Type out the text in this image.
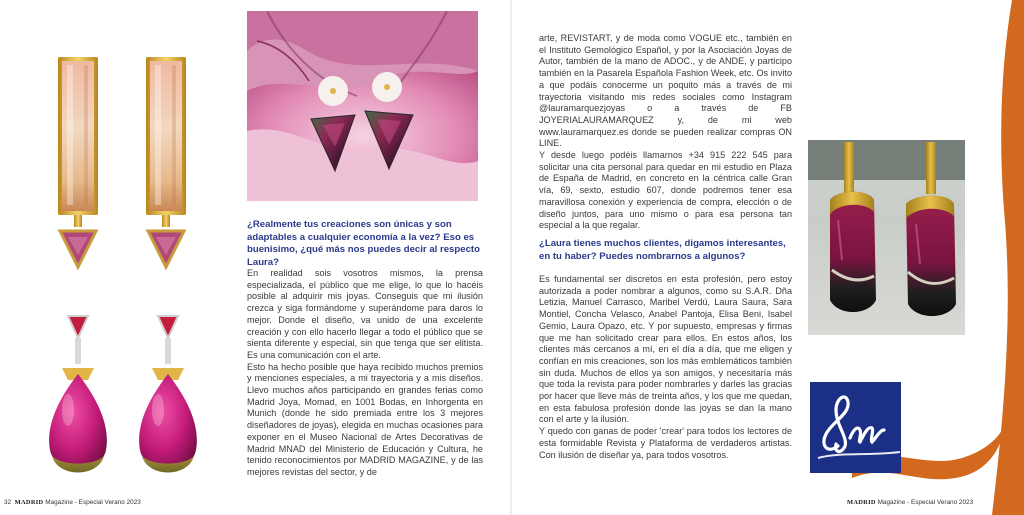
¿Realmente tus creaciones son únicas y son adaptables a cualquier economía a la vez? Eso es buenisimo, ¿qué más nos puedes decir al respecto Laura?

En realidad sois vosotros mismos, la prensa especializada, el público que me elige, lo que lo hacéis posible al adquirir mis joyas. Conseguis que mi ilusión crezca y siga formándome y superándome para daros lo mejor. Donde el diseño, va unido de una excelente creación y con ello hacerlo llegar a todo el público que se sienta diferente y especial, sin que tenga que ser elitista. Es una comunicación con el arte.

Esto ha hecho posible que haya recibido muchos premios y menciones especiales, a mi trayectoria y a mis diseños. Llevo muchos años participando en grandes ferias como Madrid Joya, Momad, en 1001 Bodas, en Inhorgenta en Munich (donde he sido premiada entre los 3 mejores diseñadores de joyas), elegida en muchas ocasiones para exponer en el Museo Nacional de Artes Decorativas de Madrid MNAD del Ministerio de Educación y Cultura, he tenido reconocimientos por MADRID MAGAZINE, y de las mejores revistas del sector, y de

32 MADRID Magazine - Especial Verano 2023

arte, REVISTART, y de moda como VOGUE etc., también en el Instituto Gemológico Español, y por la Asociación Joyas de Autor, también de la mano de ADOC., y de ANDE, y participo también en la Pasarela Española Fashion Week, etc. Os invito a que podáis conocerme un poquito más a través de mi trayectoria visitando mis redes sociales como Instagram @lauramarquezjoyas o a través de FB JOYERIALAURAMARQUEZ y, de mi web www.lauramarquez.es donde se pueden realizar compras ON LINE.

Y desde luego podéis llamarnos +34 915 222 545 para solicitar una cita personal para quedar en mi estudio en Plaza de España de Madrid, en concreto en la céntrica calle Gran vía, 69, sexto, estudio 607, donde podremos tener esa maravillosa conexión y experiencia de compra, elección o de diseño juntos, para uno mismo o para esa persona tan especial a la que regalar.

¿Laura tienes muchos clientes, digamos interesantes, en tu haber? Puedes nombrarnos a algunos?

Es fundamental ser discretos en esta profesión, pero estoy autorizada a poder nombrar a algunos, como su S.A.R. Dña Letizia, Manuel Carrasco, Maribel Verdú, Laura Saura, Sara Montiel, Concha Velasco, Anabel Pantoja, Elisa Beni, Isabel Gemio, Laura Opazo, etc. Y por supuesto, empresas y firmas que me han solicitado crear para ellos. En estos años, los clientes más cercanos a mí, en el día a día, que me eligen y confían en mis creaciones, son los más emblemáticos también sin duda. Muchos de ellos ya son amigos, y necesitaría más que toda la revista para poder nombrarles y darles las gracias por hacer que lleve más de treinta años, y los que me quedan, en esta fabulosa profesión donde las joyas se dan la mano con el arte y la ilusión.

Y quedo con ganas de poder 'crear' para todos los lectores de esta formidable Revista y Plataforma de verdaderos artistas. Con ilusión de diseñar ya, para todos vosotros.

MADRID Magazine - Especial Verano 2023
